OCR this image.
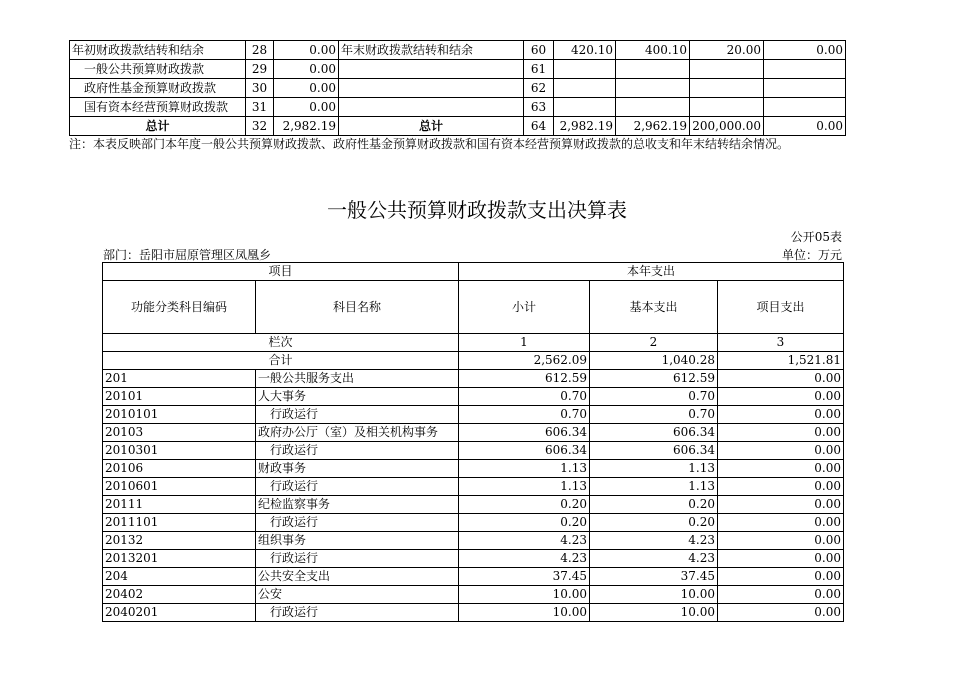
年初财政拨款结转和结余	28	0.00	年末财政拨款结转和结余	60	420.10	400.10	20.00	0.00
一般公共预算财政拨款	29	0.00		61				
政府性基金预算财政拨款	30	0.00		62				
国有资本经营预算财政拨款	31	0.00		63				
总计	32	2,982.19	总计	64	2,982.19	2,962.19	200,000.00	0.00
注：本表反映部门本年度一般公共预算财政拨款、政府性基金预算财政拨款和国有资本经营预算财政拨款的总收支和年末结转结余情况。
一般公共预算财政拨款支出决算表
公开05表
部门：岳阳市屈原管理区凤凰乡	单位：万元
项目		本年支出		
功能分类科目编码	科目名称	小计	基本支出	项目支出
栏次		1	2	3
合计		2,562.09	1,040.28	1,521.81
201	一般公共服务支出	612.59	612.59	0.00
20101	人大事务	0.70	0.70	0.00
2010101	行政运行	0.70	0.70	0.00
20103	政府办公厅（室）及相关机构事务	606.34	606.34	0.00
2010301	行政运行	606.34	606.34	0.00
20106	财政事务	1.13	1.13	0.00
2010601	行政运行	1.13	1.13	0.00
20111	纪检监察事务	0.20	0.20	0.00
2011101	行政运行	0.20	0.20	0.00
20132	组织事务	4.23	4.23	0.00
2013201	行政运行	4.23	4.23	0.00
204	公共安全支出	37.45	37.45	0.00
20402	公安	10.00	10.00	0.00
2040201	行政运行	10.00	10.00	0.00
